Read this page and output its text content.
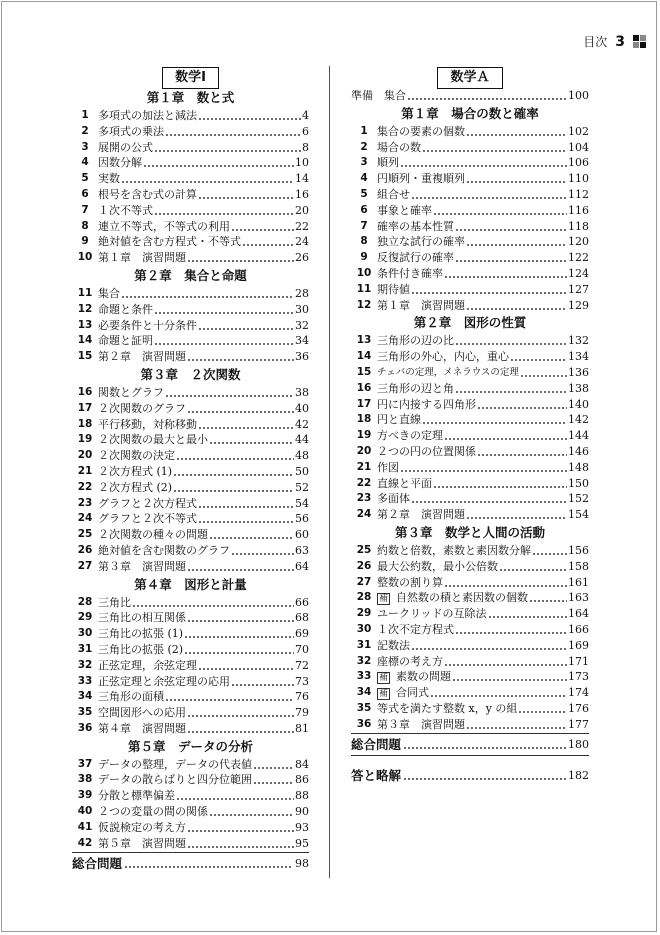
目次 3
数学Ⅰ
第１章　数と式
1 多項式の加法と減法	4
2 多項式の乗法	6
3 展開の公式	8
4 因数分解	10
5 実数	14
6 根号を含む式の計算	16
7 １次不等式	20
8 連立不等式，不等式の利用	22
9 絶対値を含む方程式・不等式	24
10 第１章　演習問題	26
第２章　集合と命題
11 集合	28
12 命題と条件	30
13 必要条件と十分条件	32
14 命題と証明	34
15 第２章　演習問題	36
第３章　２次関数
16 関数とグラフ	38
17 ２次関数のグラフ	40
18 平行移動，対称移動	42
19 ２次関数の最大と最小	44
20 ２次関数の決定	48
21 ２次方程式 (1)	50
22 ２次方程式 (2)	52
23 グラフと２次方程式	54
24 グラフと２次不等式	56
25 ２次関数の種々の問題	60
26 絶対値を含む関数のグラフ	63
27 第３章　演習問題	64
第４章　図形と計量
28 三角比	66
29 三角比の相互関係	68
30 三角比の拡張 (1)	69
31 三角比の拡張 (2)	70
32 正弦定理，余弦定理	72
33 正弦定理と余弦定理の応用	73
34 三角形の面積	76
35 空間図形への応用	79
36 第４章　演習問題	81
第５章　データの分析
37 データの整理，データの代表値	84
38 データの散らばりと四分位範囲	86
39 分散と標準偏差	88
40 ２つの変量の間の関係	90
41 仮説検定の考え方	93
42 第５章　演習問題	95
総合問題	98
数学Ａ
準備　集合	100
第１章　場合の数と確率
1 集合の要素の個数	102
2 場合の数	104
3 順列	106
4 円順列・重複順列	110
5 組合せ	112
6 事象と確率	116
7 確率の基本性質	118
8 独立な試行の確率	120
9 反復試行の確率	122
10 条件付き確率	124
11 期待値	127
12 第１章　演習問題	129
第２章　図形の性質
13 三角形の辺の比	132
14 三角形の外心，内心，重心	134
15 チェバの定理，メネラウスの定理	136
16 三角形の辺と角	138
17 円に内接する四角形	140
18 円と直線	142
19 方べきの定理	144
20 ２つの円の位置関係	146
21 作図	148
22 直線と平面	150
23 多面体	152
24 第２章　演習問題	154
第３章　数学と人間の活動
25 約数と倍数，素数と素因数分解	156
26 最大公約数，最小公倍数	158
27 整数の割り算	161
28 補 自然数の積と素因数の個数	163
29 ユークリッドの互除法	164
30 １次不定方程式	166
31 記数法	169
32 座標の考え方	171
33 補 素数の問題	173
34 補 合同式	174
35 等式を満たす整数 x，y の組	176
36 第３章　演習問題	177
総合問題	180
答と略解	182
